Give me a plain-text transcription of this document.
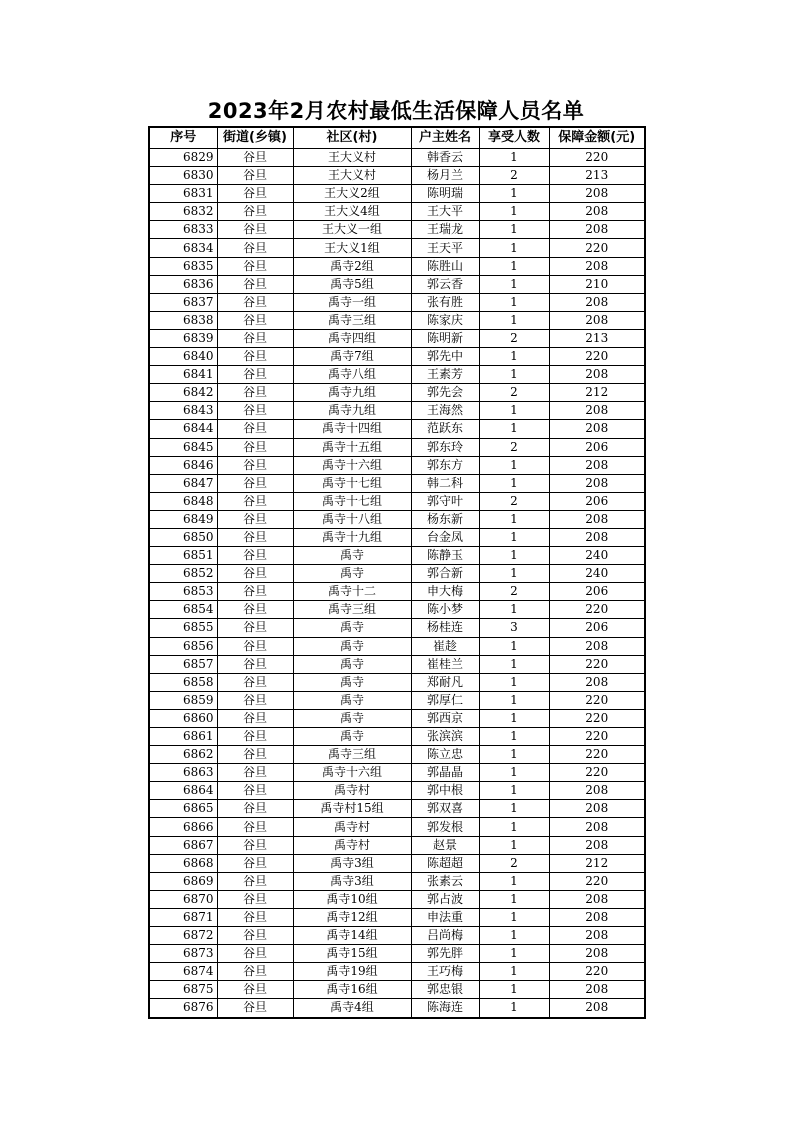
2023年2月农村最低生活保障人员名单
序号	街道(乡镇)	社区(村)	户主姓名	享受人数	保障金额(元)
6829	谷旦	王大义村	韩香云	1	220
6830	谷旦	王大义村	杨月兰	2	213
6831	谷旦	王大义2组	陈明瑞	1	208
6832	谷旦	王大义4组	王大平	1	208
6833	谷旦	王大义一组	王瑞龙	1	208
6834	谷旦	王大义1组	王天平	1	220
6835	谷旦	禹寺2组	陈胜山	1	208
6836	谷旦	禹寺5组	郭云香	1	210
6837	谷旦	禹寺一组	张有胜	1	208
6838	谷旦	禹寺三组	陈家庆	1	208
6839	谷旦	禹寺四组	陈明新	2	213
6840	谷旦	禹寺7组	郭先中	1	220
6841	谷旦	禹寺八组	王素芳	1	208
6842	谷旦	禹寺九组	郭先会	2	212
6843	谷旦	禹寺九组	王海然	1	208
6844	谷旦	禹寺十四组	范跃东	1	208
6845	谷旦	禹寺十五组	郭东玲	2	206
6846	谷旦	禹寺十六组	郭东方	1	208
6847	谷旦	禹寺十七组	韩二科	1	208
6848	谷旦	禹寺十七组	郭守叶	2	206
6849	谷旦	禹寺十八组	杨东新	1	208
6850	谷旦	禹寺十九组	台金凤	1	208
6851	谷旦	禹寺	陈静玉	1	240
6852	谷旦	禹寺	郭合新	1	240
6853	谷旦	禹寺十二	申大梅	2	206
6854	谷旦	禹寺三组	陈小梦	1	220
6855	谷旦	禹寺	杨桂连	3	206
6856	谷旦	禹寺	崔趁	1	208
6857	谷旦	禹寺	崔桂兰	1	220
6858	谷旦	禹寺	郑耐凡	1	208
6859	谷旦	禹寺	郭厚仁	1	220
6860	谷旦	禹寺	郭西京	1	220
6861	谷旦	禹寺	张滨滨	1	220
6862	谷旦	禹寺三组	陈立忠	1	220
6863	谷旦	禹寺十六组	郭晶晶	1	220
6864	谷旦	禹寺村	郭中根	1	208
6865	谷旦	禹寺村15组	郭双喜	1	208
6866	谷旦	禹寺村	郭发根	1	208
6867	谷旦	禹寺村	赵景	1	208
6868	谷旦	禹寺3组	陈超超	2	212
6869	谷旦	禹寺3组	张素云	1	220
6870	谷旦	禹寺10组	郭占波	1	208
6871	谷旦	禹寺12组	申法重	1	208
6872	谷旦	禹寺14组	吕尚梅	1	208
6873	谷旦	禹寺15组	郭先胖	1	208
6874	谷旦	禹寺19组	王巧梅	1	220
6875	谷旦	禹寺16组	郭忠银	1	208
6876	谷旦	禹寺4组	陈海连	1	208
